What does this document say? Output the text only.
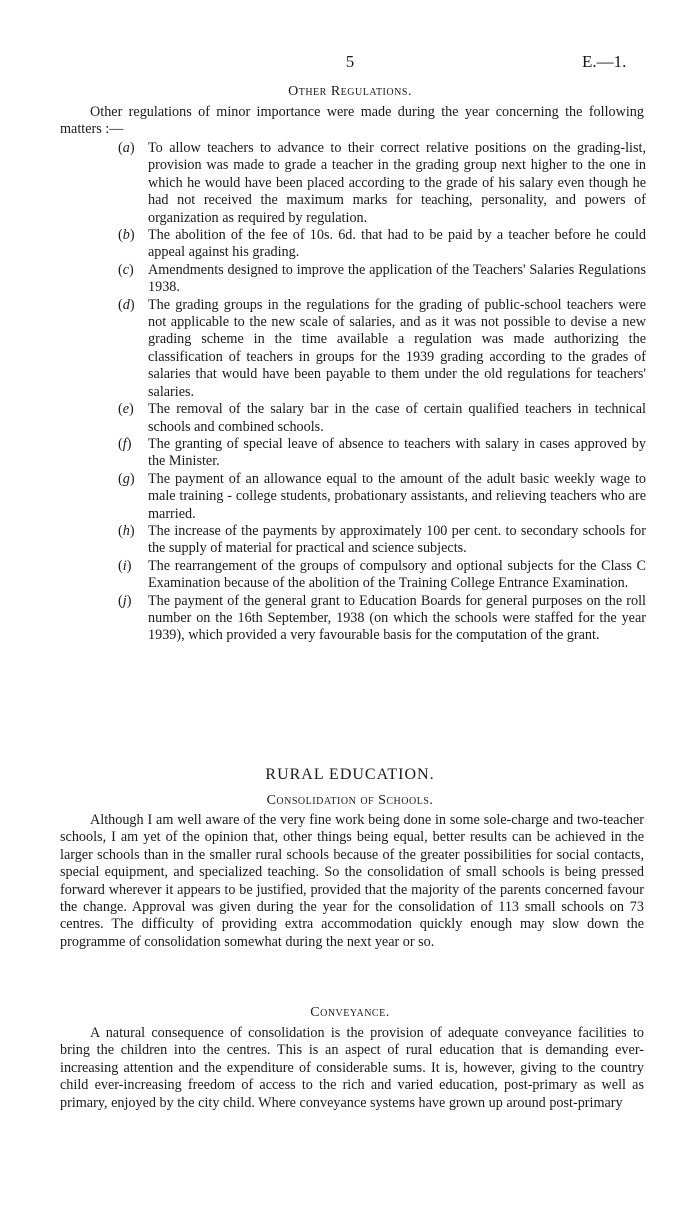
5	E.—1.
Other Regulations.

Other regulations of minor importance were made during the year concerning the following matters :—

(a) To allow teachers to advance to their correct relative positions on the grading-list, provision was made to grade a teacher in the grading group next higher to the one in which he would have been placed according to the grade of his salary even though he had not received the maximum marks for teaching, personality, and powers of organization as required by regulation.

(b) The abolition of the fee of 10s. 6d. that had to be paid by a teacher before he could appeal against his grading.

(c)	Amendments designed to improve the application of the Teachers' Salaries Regulations 1938.

(d) The grading groups in the regulations for the grading of public-school teachers were not applicable to the new scale of salaries, and as it was not possible to devise a new grading scheme in the time available a regulation was made authorizing the classification of teachers in groups for the 1939 grading according to the grades of salaries that would have been payable to them under the old regulations for teachers' salaries.

(e)	The removal of the salary bar in the case of certain qualified teachers in technical schools and combined schools.

(f)	The granting of special leave of absence to teachers with salary in cases approved by the Minister.

(g) The payment of an allowance equal to the amount of the adult basic weekly wage to male training - college students, probationary assistants, and relieving teachers who are married.

(h) The increase of the payments by approximately 100 per cent. to secondary schools for the supply of material for practical and science subjects.

(i)	The rearrangement of the groups of compulsory and optional subjects for the Class C Examination because of the abolition of the Training College Entrance Examination.

(j)	The payment of the general grant to Education Boards for general purposes on the roll number on the 16th September, 1938 (on which the schools were staffed for the year 1939), which provided a very favourable basis for the computation of the grant.

RURAL EDUCATION.
Consolidation of Schools.

Although I am well aware of the very fine work being done in some sole-charge and two-teacher schools, I am yet of the opinion that, other things being equal, better results can be achieved in the larger schools than in the smaller rural schools because of the greater possibilities for social contacts, special equipment, and specialized teaching. So the consolidation of small schools is being pressed forward wherever it appears to be justified, provided that the majority of the parents concerned favour the change. Approval was given during the year for the consolidation of 113 small schools on 73 centres. The difficulty of providing extra accommodation quickly enough may slow down the programme of consolidation somewhat during the next year or so.

Conveyance.

A natural consequence of consolidation is the provision of adequate conveyance facilities to bring the children into the centres. This is an aspect of rural education that is demanding ever-increasing attention and the expenditure of considerable sums. It is, however, giving to the country child ever-increasing freedom of access to the rich and varied education, post-primary as well as primary, enjoyed by the city child. Where conveyance systems have grown up around post-primary
